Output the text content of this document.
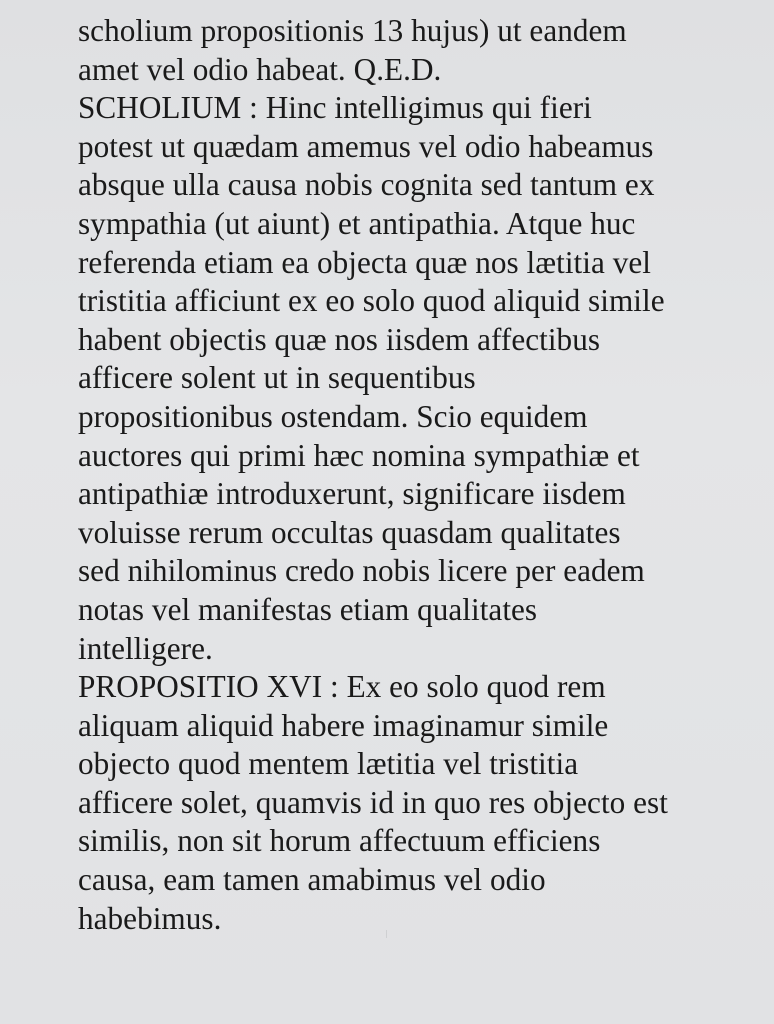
scholium propositionis 13 hujus) ut eandem
amet vel odio habeat. Q.E.D.
SCHOLIUM : Hinc intelligimus qui fieri
potest ut quædam amemus vel odio habeamus
absque ulla causa nobis cognita sed tantum ex
sympathia (ut aiunt) et antipathia. Atque huc
referenda etiam ea objecta quæ nos lætitia vel
tristitia afficiunt ex eo solo quod aliquid simile
habent objectis quæ nos iisdem affectibus
afficere solent ut in sequentibus
propositionibus ostendam. Scio equidem
auctores qui primi hæc nomina sympathiæ et
antipathiæ introduxerunt, significare iisdem
voluisse rerum occultas quasdam qualitates
sed nihilominus credo nobis licere per eadem
notas vel manifestas etiam qualitates
intelligere.
PROPOSITIO XVI : Ex eo solo quod rem
aliquam aliquid habere imaginamur simile
objecto quod mentem lætitia vel tristitia
afficere solet, quamvis id in quo res objecto est
similis, non sit horum affectuum efficiens
causa, eam tamen amabimus vel odio
habebimus.
